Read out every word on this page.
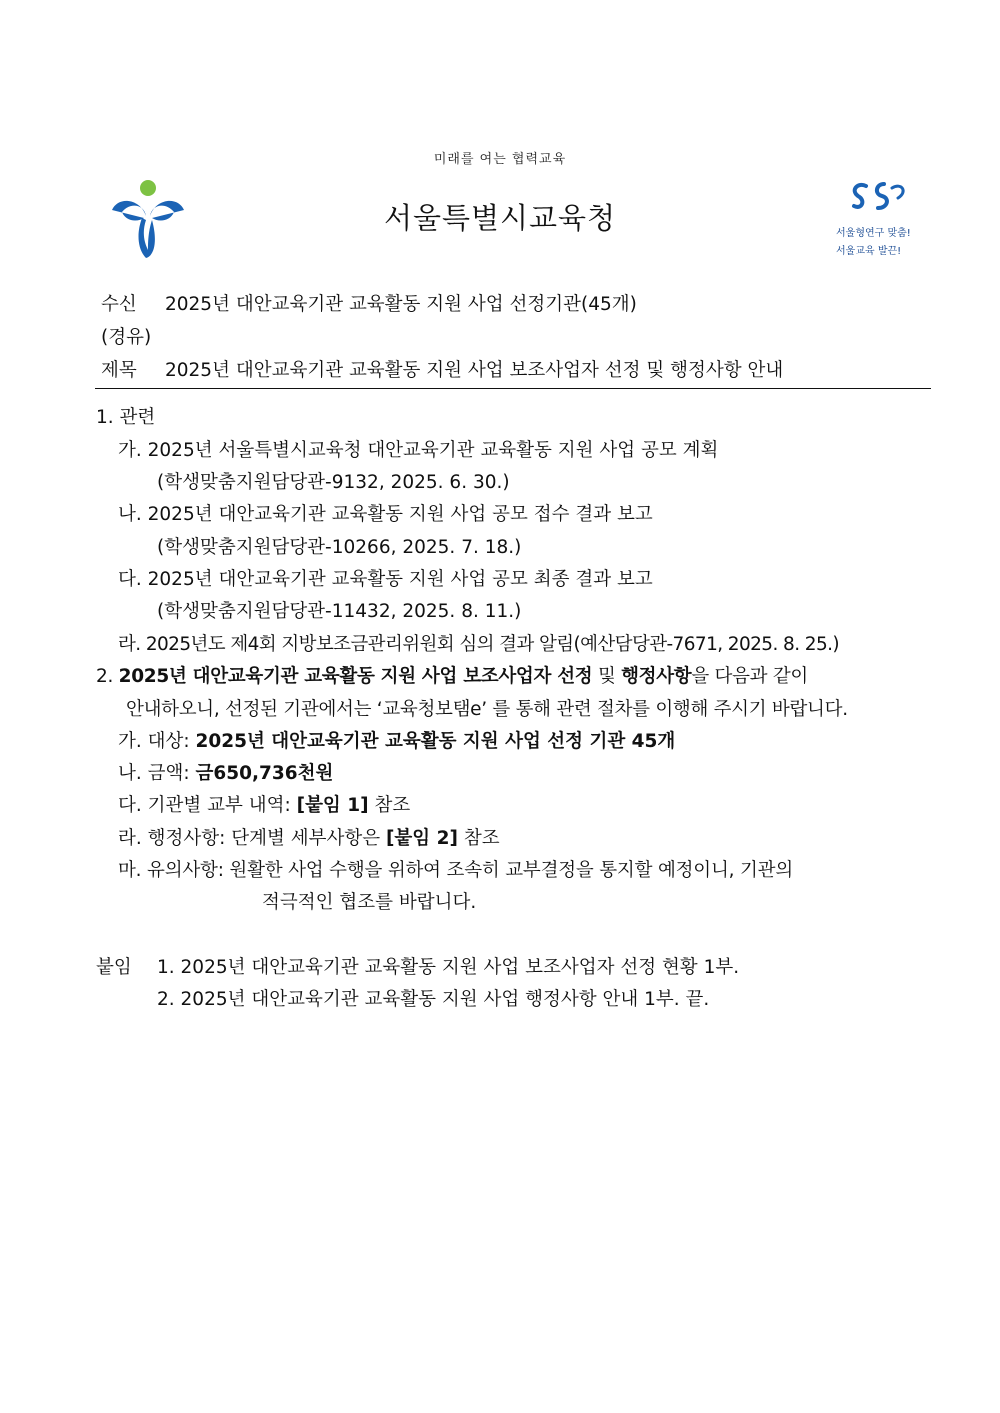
미래를 여는 협력교육
서울특별시교육청	서울형연구 맞춤!
서울교육 발끈!
수신 2025년 대안교육기관 교육활동 지원 사업 선정기관(45개)
(경유)
제목 2025년 대안교육기관 교육활동 지원 사업 보조사업자 선정 및 행정사항 안내
1. 관련
가. 2025년 서울특별시교육청 대안교육기관 교육활동 지원 사업 공모 계획
(학생맞춤지원담당관-9132, 2025. 6. 30.)
나. 2025년 대안교육기관 교육활동 지원 사업 공모 접수 결과 보고
(학생맞춤지원담당관-10266, 2025. 7. 18.)
다. 2025년 대안교육기관 교육활동 지원 사업 공모 최종 결과 보고
(학생맞춤지원담당관-11432, 2025. 8. 11.)
라. 2025년도 제4회 지방보조금관리위원회 심의 결과 알림(예산담당관-7671, 2025. 8. 25.)
2. 2025년 대안교육기관 교육활동 지원 사업 보조사업자 선정 및 행정사항을 다음과 같이
안내하오니, 선정된 기관에서는 ‘교육청보탬e’ 를 통해 관련 절차를 이행해 주시기 바랍니다.
가. 대상: 2025년 대안교육기관 교육활동 지원 사업 선정 기관 45개
나. 금액: 금650,736천원
다. 기관별 교부 내역: [붙임 1] 참조
라. 행정사항: 단계별 세부사항은 [붙임 2] 참조
마. 유의사항: 원활한 사업 수행을 위하여 조속히 교부결정을 통지할 예정이니, 기관의
적극적인 협조를 바랍니다.
붙임 1. 2025년 대안교육기관 교육활동 지원 사업 보조사업자 선정 현황 1부.
2. 2025년 대안교육기관 교육활동 지원 사업 행정사항 안내 1부. 끝.
